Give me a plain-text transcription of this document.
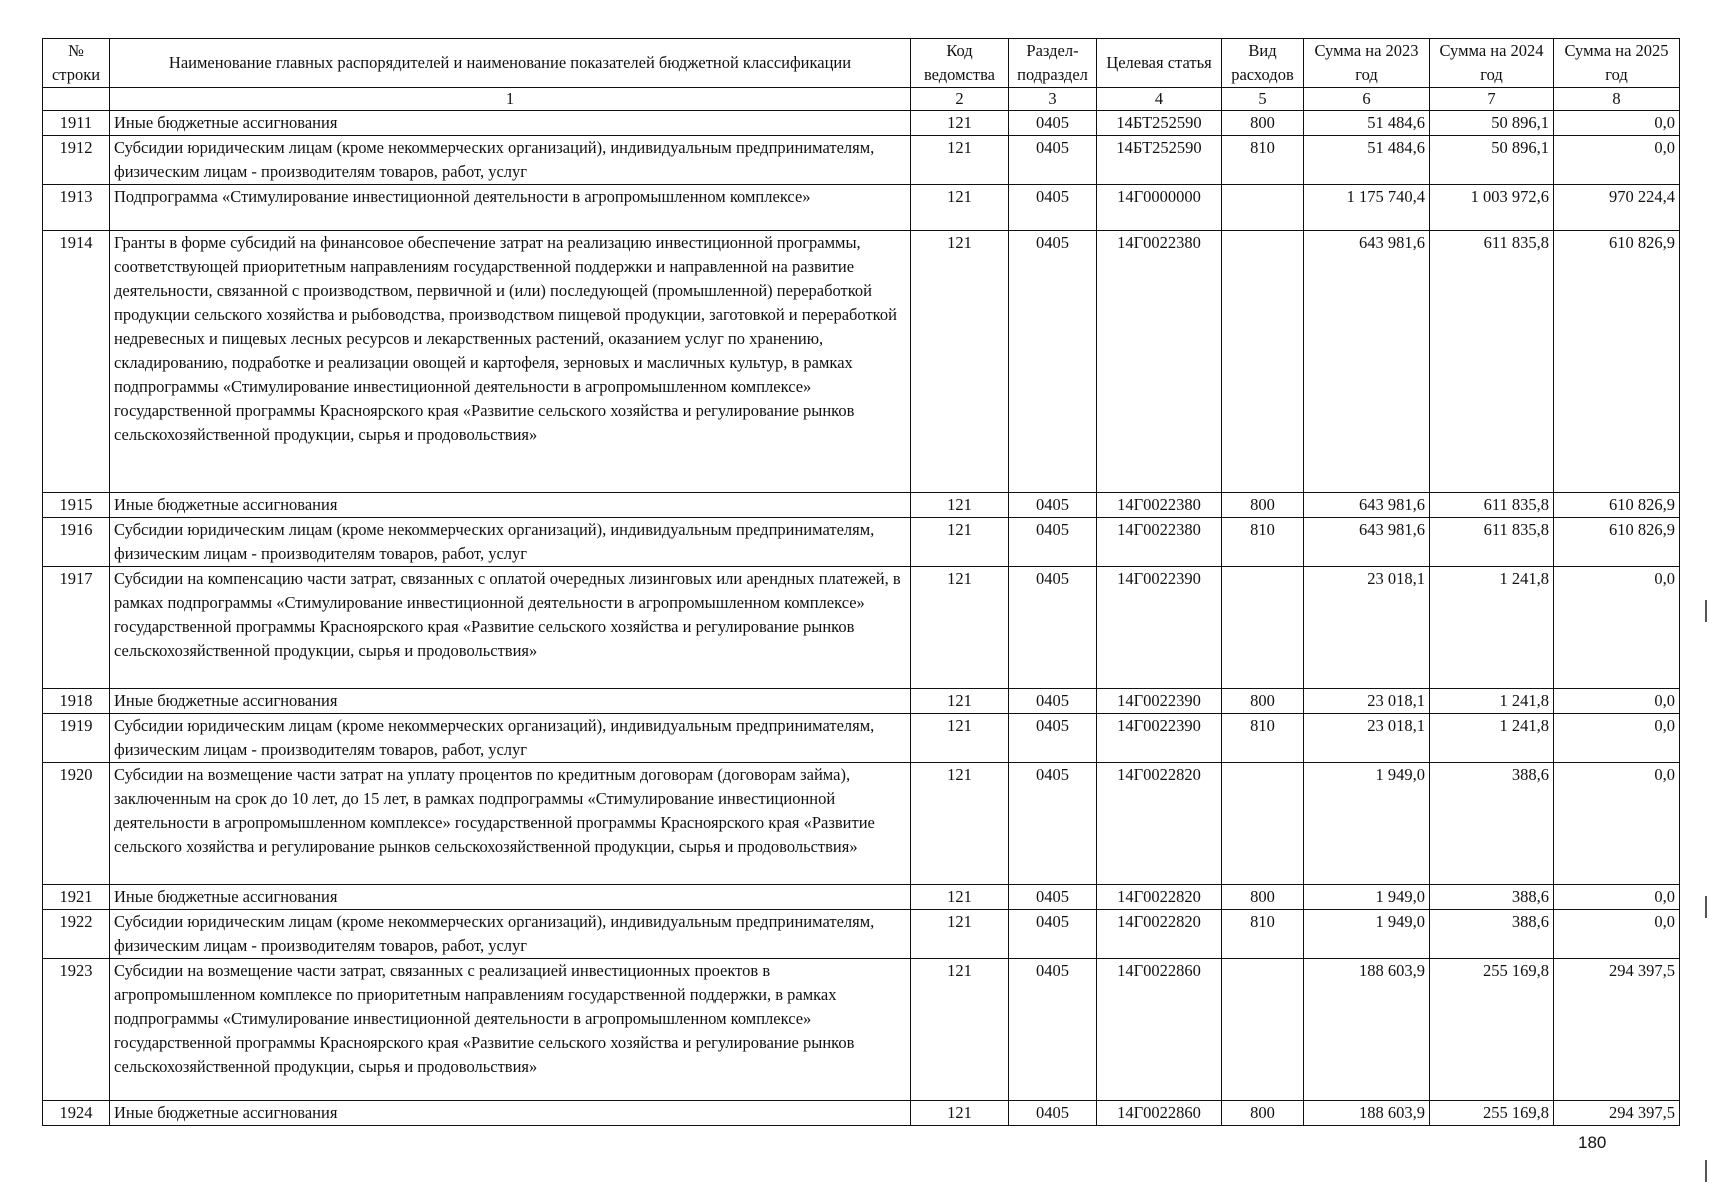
№ строки	Наименование главных распорядителей и наименование показателей бюджетной классификации	Код ведомства	Раздел-подраздел	Целевая статья	Вид расходов	Сумма на 2023 год	Сумма на 2024 год	Сумма на 2025 год
	1	2	3	4	5	6	7	8
1911	Иные бюджетные ассигнования	121	0405	14БТ252590	800	51 484,6	50 896,1	0,0
1912	Субсидии юридическим лицам (кроме некоммерческих организаций), индивидуальным предпринимателям, физическим лицам - производителям товаров, работ, услуг	121	0405	14БТ252590	810	51 484,6	50 896,1	0,0
1913	Подпрограмма «Стимулирование инвестиционной деятельности в агропромышленном комплексе»	121	0405	14Г0000000		1 175 740,4	1 003 972,6	970 224,4
1914	Гранты в форме субсидий на финансовое обеспечение затрат на реализацию инвестиционной программы, соответствующей приоритетным направлениям государственной поддержки и направленной на развитие деятельности, связанной с производством, первичной и (или) последующей (промышленной) переработкой продукции сельского хозяйства и рыбоводства, производством пищевой продукции, заготовкой и переработкой недревесных и пищевых лесных ресурсов и лекарственных растений, оказанием услуг по хранению, складированию, подработке и реализации овощей и картофеля, зерновых и масличных культур, в рамках подпрограммы «Стимулирование инвестиционной деятельности в агропромышленном комплексе» государственной программы Красноярского края «Развитие сельского хозяйства и регулирование рынков сельскохозяйственной продукции, сырья и продовольствия»	121	0405	14Г0022380		643 981,6	611 835,8	610 826,9
1915	Иные бюджетные ассигнования	121	0405	14Г0022380	800	643 981,6	611 835,8	610 826,9
1916	Субсидии юридическим лицам (кроме некоммерческих организаций), индивидуальным предпринимателям, физическим лицам - производителям товаров, работ, услуг	121	0405	14Г0022380	810	643 981,6	611 835,8	610 826,9
1917	Субсидии на компенсацию части затрат, связанных с оплатой очередных лизинговых или арендных платежей, в рамках подпрограммы «Стимулирование инвестиционной деятельности в агропромышленном комплексе» государственной программы Красноярского края «Развитие сельского хозяйства и регулирование рынков сельскохозяйственной продукции, сырья и продовольствия»	121	0405	14Г0022390		23 018,1	1 241,8	0,0
1918	Иные бюджетные ассигнования	121	0405	14Г0022390	800	23 018,1	1 241,8	0,0
1919	Субсидии юридическим лицам (кроме некоммерческих организаций), индивидуальным предпринимателям, физическим лицам - производителям товаров, работ, услуг	121	0405	14Г0022390	810	23 018,1	1 241,8	0,0
1920	Субсидии на возмещение части затрат на уплату процентов по кредитным договорам (договорам займа), заключенным на срок до 10 лет, до 15 лет, в рамках подпрограммы «Стимулирование инвестиционной деятельности в агропромышленном комплексе» государственной программы Красноярского края «Развитие сельского хозяйства и регулирование рынков сельскохозяйственной продукции, сырья и продовольствия»	121	0405	14Г0022820		1 949,0	388,6	0,0
1921	Иные бюджетные ассигнования	121	0405	14Г0022820	800	1 949,0	388,6	0,0
1922	Субсидии юридическим лицам (кроме некоммерческих организаций), индивидуальным предпринимателям, физическим лицам - производителям товаров, работ, услуг	121	0405	14Г0022820	810	1 949,0	388,6	0,0
1923	Субсидии на возмещение части затрат, связанных с реализацией инвестиционных проектов в агропромышленном комплексе по приоритетным направлениям государственной поддержки, в рамках подпрограммы «Стимулирование инвестиционной деятельности в агропромышленном комплексе» государственной программы Красноярского края «Развитие сельского хозяйства и регулирование рынков сельскохозяйственной продукции, сырья и продовольствия»	121	0405	14Г0022860		188 603,9	255 169,8	294 397,5
1924	Иные бюджетные ассигнования	121	0405	14Г0022860	800	188 603,9	255 169,8	294 397,5
180
